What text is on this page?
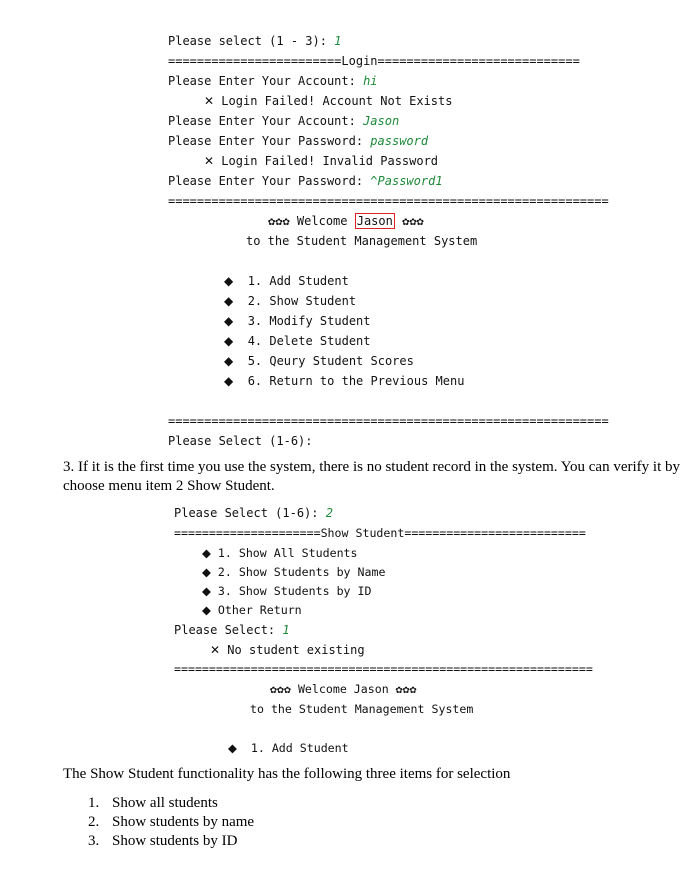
Please select (1 - 3): 1
========================Login============================
Please Enter Your Account: hi
✕ Login Failed! Account Not Exists
Please Enter Your Account: Jason
Please Enter Your Password: password
✕ Login Failed! Invalid Password
Please Enter Your Password: ^Password1
=============================================================
✿✿✿ Welcome Jason ✿✿✿
to the Student Management System
◆ 1. Add Student
◆ 2. Show Student
◆ 3. Modify Student
◆ 4. Delete Student
◆ 5. Qeury Student Scores
◆ 6. Return to the Previous Menu
=============================================================
Please Select (1-6):
3. If it is the first time you use the system, there is no student record in the system. You can verify it by choose menu item 2 Show Student.
Please Select (1-6): 2
=====================Show Student==========================
◆ 1. Show All Students
◆ 2. Show Students by Name
◆ 3. Show Students by ID
◆ Other Return
Please Select: 1
✕ No student existing
============================================================
✿✿✿ Welcome Jason ✿✿✿
to the Student Management System
◆ 1. Add Student
The Show Student functionality has the following three items for selection
1. Show all students
2. Show students by name
3. Show students by ID
